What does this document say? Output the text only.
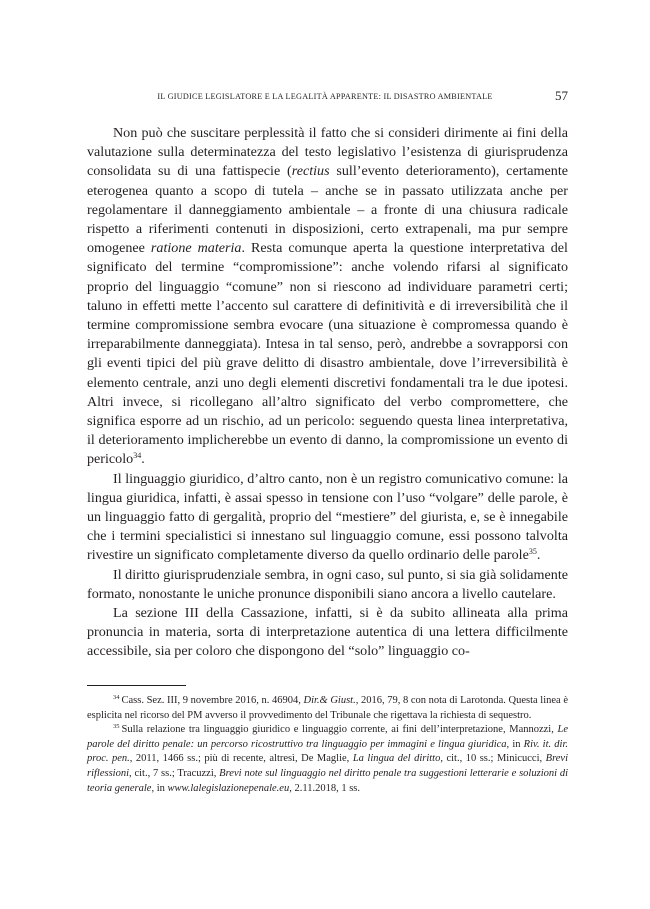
IL GIUDICE LEGISLATORE E LA LEGALITÀ APPARENTE: IL DISASTRO AMBIENTALE	57

Non può che suscitare perplessità il fatto che si consideri dirimente ai fini della valutazione sulla determinatezza del testo legislativo l’esistenza di giurisprudenza consolidata su di una fattispecie (rectius sull’evento deterioramento), certamente eterogenea quanto a scopo di tutela – anche se in passato utilizzata anche per regolamentare il danneggiamento ambientale – a fronte di una chiusura radicale rispetto a riferimenti contenuti in disposizioni, certo extrapenali, ma pur sempre omogenee ratione materia. Resta comunque aperta la questione interpretativa del significato del termine “compromissione”: anche volendo rifarsi al significato proprio del linguaggio “comune” non si riescono ad individuare parametri certi; taluno in effetti mette l’accento sul carattere di definitività e di irreversibilità che il termine compromissione sembra evocare (una situazione è compromessa quando è irreparabilmente danneggiata). Intesa in tal senso, però, andrebbe a sovrapporsi con gli eventi tipici del più grave delitto di disastro ambientale, dove l’irreversibilità è elemento centrale, anzi uno degli elementi discretivi fondamentali tra le due ipotesi. Altri invece, si ricollegano all’altro significato del verbo compromettere, che significa esporre ad un rischio, ad un pericolo: seguendo questa linea interpretativa, il deterioramento implicherebbe un evento di danno, la compromissione un evento di pericolo$^{34}$.

Il linguaggio giuridico, d’altro canto, non è un registro comunicativo comune: la lingua giuridica, infatti, è assai spesso in tensione con l’uso “volgare” delle parole, è un linguaggio fatto di gergalità, proprio del “mestiere” del giurista, e, se è innegabile che i termini specialistici si innestano sul linguaggio comune, essi possono talvolta rivestire un significato completamente diverso da quello ordinario delle parole$^{35}$.

Il diritto giurisprudenziale sembra, in ogni caso, sul punto, si sia già solidamente formato, nonostante le uniche pronunce disponibili siano ancora a livello cautelare.

La sezione III della Cassazione, infatti, si è da subito allineata alla prima pronuncia in materia, sorta di interpretazione autentica di una lettera difficilmente accessibile, sia per coloro che dispongono del “solo” linguaggio co-

$^{34}$ Cass. Sez. III, 9 novembre 2016, n. 46904, Dir.& Giust., 2016, 79, 8 con nota di Larotonda. Questa linea è esplicita nel ricorso del PM avverso il provvedimento del Tribunale che rigettava la richiesta di sequestro.

$^{35}$ Sulla relazione tra linguaggio giuridico e linguaggio corrente, ai fini dell’interpretazione, Mannozzi, Le parole del diritto penale: un percorso ricostruttivo tra linguaggio per immagini e lingua giuridica, in Riv. it. dir. proc. pen., 2011, 1466 ss.; più di recente, altresì, De Maglie, La lingua del diritto, cit., 10 ss.; Minicucci, Brevi riflessioni, cit., 7 ss.; Tracuzzi, Brevi note sul linguaggio nel diritto penale tra suggestioni letterarie e soluzioni di teoria generale, in www.lalegislazionepenale.eu, 2.11.2018, 1 ss.
